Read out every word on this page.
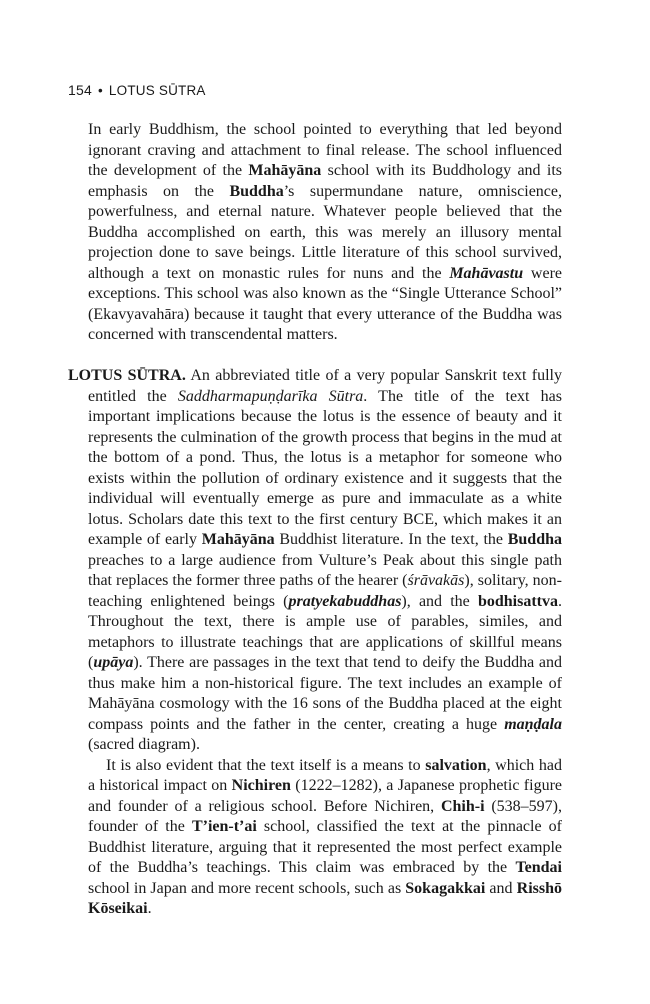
154 • LOTUS SŪTRA

In early Buddhism, the school pointed to everything that led beyond ignorant craving and attachment to final release. The school influenced the development of the Mahāyāna school with its Buddhology and its emphasis on the Buddha’s supermundane nature, omniscience, powerfulness, and eternal nature. Whatever people believed that the Buddha accomplished on earth, this was merely an illusory mental projection done to save beings. Little literature of this school survived, although a text on monastic rules for nuns and the Mahāvastu were exceptions. This school was also known as the “Single Utterance School” (Ekavyavahāra) because it taught that every utterance of the Buddha was concerned with transcendental matters.

LOTUS SŪTRA. An abbreviated title of a very popular Sanskrit text fully entitled the Saddharmapuṇḍarīka Sūtra. The title of the text has important implications because the lotus is the essence of beauty and it represents the culmination of the growth process that begins in the mud at the bottom of a pond. Thus, the lotus is a metaphor for someone who exists within the pollution of ordinary existence and it suggests that the individual will eventually emerge as pure and immaculate as a white lotus. Scholars date this text to the first century BCE, which makes it an example of early Mahāyāna Buddhist literature. In the text, the Buddha preaches to a large audience from Vulture’s Peak about this single path that replaces the former three paths of the hearer (śrāvakās), solitary, non-teaching enlightened beings (pratyekabuddhas), and the bodhisattva. Throughout the text, there is ample use of parables, similes, and metaphors to illustrate teachings that are applications of skillful means (upāya). There are passages in the text that tend to deify the Buddha and thus make him a non-historical figure. The text includes an example of Mahāyāna cosmology with the 16 sons of the Buddha placed at the eight compass points and the father in the center, creating a huge maṇḍala (sacred diagram).

It is also evident that the text itself is a means to salvation, which had a historical impact on Nichiren (1222–1282), a Japanese prophetic figure and founder of a religious school. Before Nichiren, Chih-i (538–597), founder of the T’ien-t’ai school, classified the text at the pinnacle of Buddhist literature, arguing that it represented the most perfect example of the Buddha’s teachings. This claim was embraced by the Tendai school in Japan and more recent schools, such as Sokagakkai and Risshō Kōseikai.
